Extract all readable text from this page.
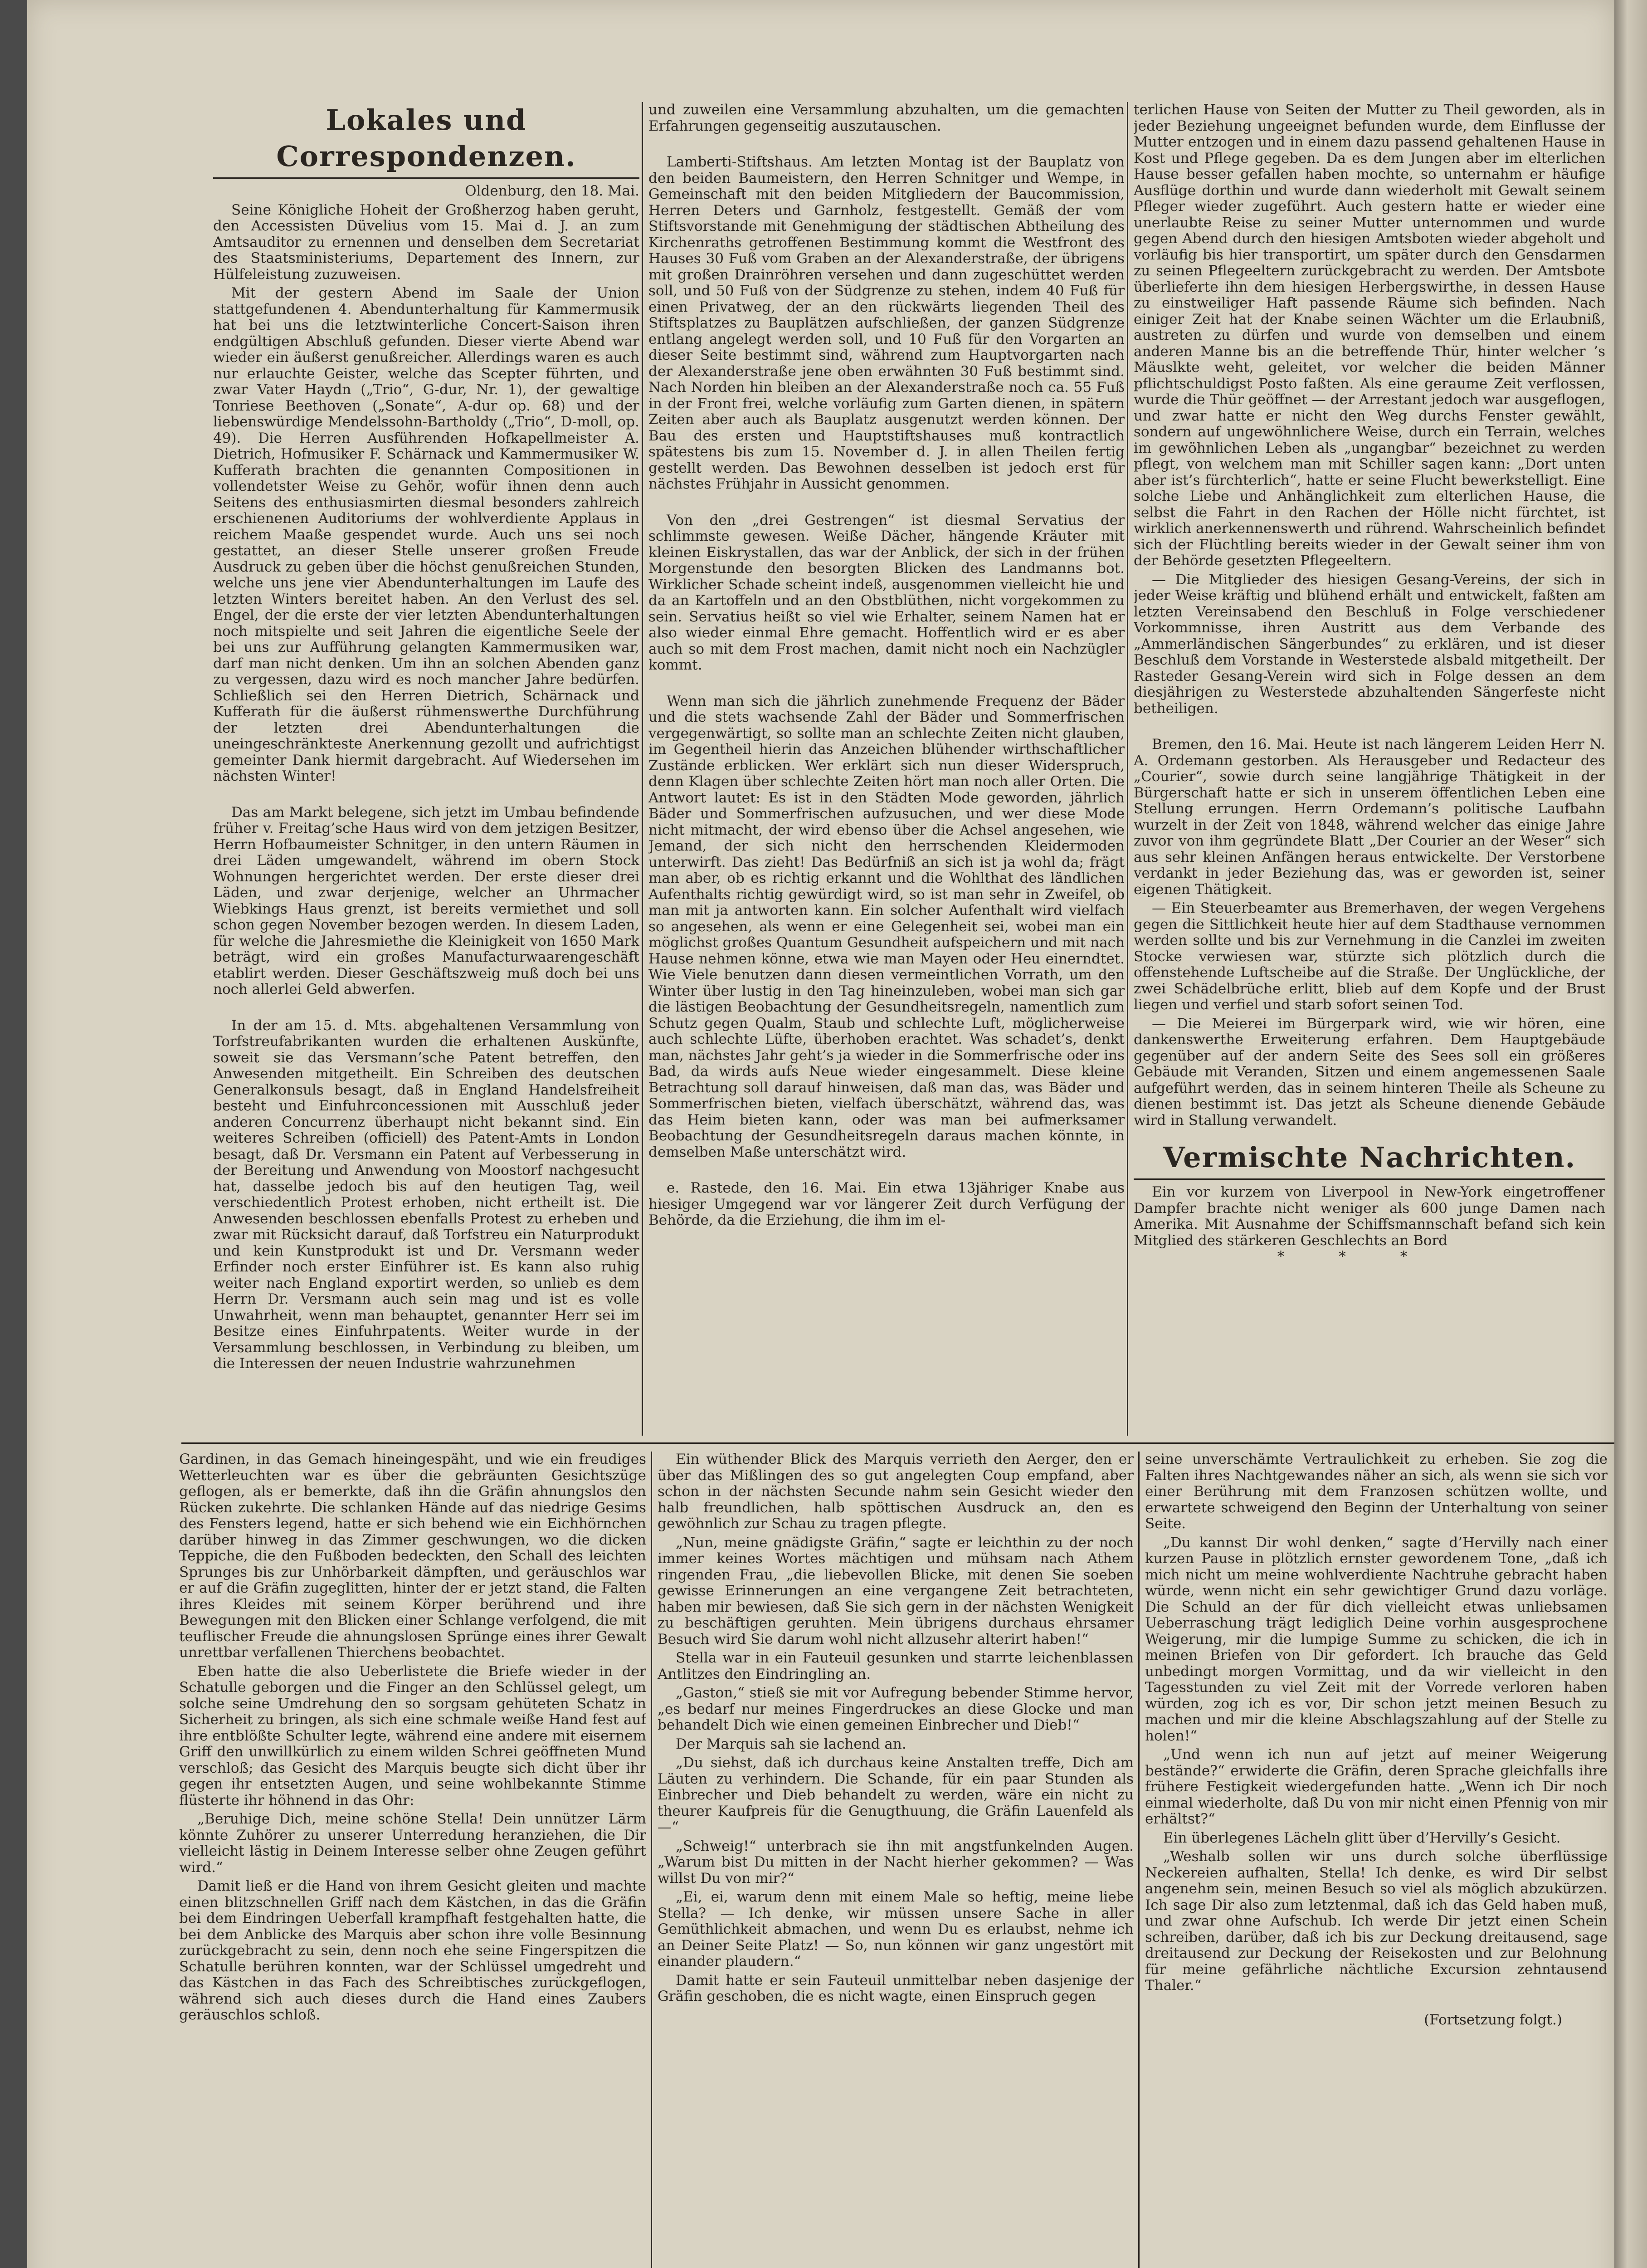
Lokales und Correspondenzen.
Oldenburg, den 18. Mai.

Seine Königliche Hoheit der Großherzog haben geruht, den Accessisten Düvelius vom 15. Mai d. J. an zum Amtsauditor zu ernennen und denselben dem Secretariat des Staatsministeriums, Departement des Innern, zur Hülfeleistung zuzuweisen.

Mit der gestern Abend im Saale der Union stattgefundenen 4. Abendunterhaltung für Kammermusik hat bei uns die letztwinterliche Concert-Saison ihren endgültigen Abschluß gefunden. Dieser vierte Abend war wieder ein äußerst genußreicher. Allerdings waren es auch nur erlauchte Geister, welche das Scepter führten, und zwar Vater Haydn („Trio“, G-dur, Nr. 1), der gewaltige Tonriese Beethoven („Sonate“, A-dur op. 68) und der liebenswürdige Mendelssohn-Bartholdy („Trio“, D-moll, op. 49). Die Herren Ausführenden Hofkapellmeister A. Dietrich, Hofmusiker F. Schärnack und Kammermusiker W. Kufferath brachten die genannten Compositionen in vollendetster Weise zu Gehör, wofür ihnen denn auch Seitens des enthusiasmirten diesmal besonders zahlreich erschienenen Auditoriums der wohlverdiente Applaus in reichem Maaße gespendet wurde. Auch uns sei noch gestattet, an dieser Stelle unserer großen Freude Ausdruck zu geben über die höchst genußreichen Stunden, welche uns jene vier Abendunterhaltungen im Laufe des letzten Winters bereitet haben. An den Verlust des sel. Engel, der die erste der vier letzten Abendunterhaltungen noch mitspielte und seit Jahren die eigentliche Seele der bei uns zur Aufführung gelangten Kammermusiken war, darf man nicht denken. Um ihn an solchen Abenden ganz zu vergessen, dazu wird es noch mancher Jahre bedürfen. Schließlich sei den Herren Dietrich, Schärnack und Kufferath für die äußerst rühmenswerthe Durchführung der letzten drei Abendunterhaltungen die uneingeschränkteste Anerkennung gezollt und aufrichtigst gemeinter Dank hiermit dargebracht. Auf Wiedersehen im nächsten Winter!

Das am Markt belegene, sich jetzt im Umbau befindende früher v. Freitag’sche Haus wird von dem jetzigen Besitzer, Herrn Hofbaumeister Schnitger, in den untern Räumen in drei Läden umgewandelt, während im obern Stock Wohnungen hergerichtet werden. Der erste dieser drei Läden, und zwar derjenige, welcher an Uhrmacher Wiebkings Haus grenzt, ist bereits vermiethet und soll schon gegen November bezogen werden. In diesem Laden, für welche die Jahresmiethe die Kleinigkeit von 1650 Mark beträgt, wird ein großes Manufacturwaarengeschäft etablirt werden. Dieser Geschäftszweig muß doch bei uns noch allerlei Geld abwerfen.

In der am 15. d. Mts. abgehaltenen Versammlung von Torfstreufabrikanten wurden die erhaltenen Auskünfte, soweit sie das Versmann’sche Patent betreffen, den Anwesenden mitgetheilt. Ein Schreiben des deutschen Generalkonsuls besagt, daß in England Handelsfreiheit besteht und Einfuhrconcessionen mit Ausschluß jeder anderen Concurrenz überhaupt nicht bekannt sind. Ein weiteres Schreiben (officiell) des Patent-Amts in London besagt, daß Dr. Versmann ein Patent auf Verbesserung in der Bereitung und Anwendung von Moostorf nachgesucht hat, dasselbe jedoch bis auf den heutigen Tag, weil verschiedentlich Protest erhoben, nicht ertheilt ist. Die Anwesenden beschlossen ebenfalls Protest zu erheben und zwar mit Rücksicht darauf, daß Torfstreu ein Naturprodukt und kein Kunstprodukt ist und Dr. Versmann weder Erfinder noch erster Einführer ist. Es kann also ruhig weiter nach England exportirt werden, so unlieb es dem Herrn Dr. Versmann auch sein mag und ist es volle Unwahrheit, wenn man behauptet, genannter Herr sei im Besitze eines Einfuhrpatents. Weiter wurde in der Versammlung beschlossen, in Verbindung zu bleiben, um die Interessen der neuen Industrie wahrzunehmen

und zuweilen eine Versammlung abzuhalten, um die gemachten Erfahrungen gegenseitig auszutauschen.

Lamberti-Stiftshaus. Am letzten Montag ist der Bauplatz von den beiden Baumeistern, den Herren Schnitger und Wempe, in Gemeinschaft mit den beiden Mitgliedern der Baucommission, Herren Deters und Garnholz, festgestellt. Gemäß der vom Stiftsvorstande mit Genehmigung der städtischen Abtheilung des Kirchenraths getroffenen Bestimmung kommt die Westfront des Hauses 30 Fuß vom Graben an der Alexanderstraße, der übrigens mit großen Drainröhren versehen und dann zugeschüttet werden soll, und 50 Fuß von der Südgrenze zu stehen, indem 40 Fuß für einen Privatweg, der an den rückwärts liegenden Theil des Stiftsplatzes zu Bauplätzen aufschließen, der ganzen Südgrenze entlang angelegt werden soll, und 10 Fuß für den Vorgarten an dieser Seite bestimmt sind, während zum Hauptvorgarten nach der Alexanderstraße jene oben erwähnten 30 Fuß bestimmt sind. Nach Norden hin bleiben an der Alexanderstraße noch ca. 55 Fuß in der Front frei, welche vorläufig zum Garten dienen, in spätern Zeiten aber auch als Bauplatz ausgenutzt werden können. Der Bau des ersten und Hauptstiftshauses muß kontractlich spätestens bis zum 15. November d. J. in allen Theilen fertig gestellt werden. Das Bewohnen desselben ist jedoch erst für nächstes Frühjahr in Aussicht genommen.

Von den „drei Gestrengen“ ist diesmal Servatius der schlimmste gewesen. Weiße Dächer, hängende Kräuter mit kleinen Eiskrystallen, das war der Anblick, der sich in der frühen Morgenstunde den besorgten Blicken des Landmanns bot. Wirklicher Schade scheint indeß, ausgenommen vielleicht hie und da an Kartoffeln und an den Obstblüthen, nicht vorgekommen zu sein. Servatius heißt so viel wie Erhalter, seinem Namen hat er also wieder einmal Ehre gemacht. Hoffentlich wird er es aber auch so mit dem Frost machen, damit nicht noch ein Nachzügler kommt.

Wenn man sich die jährlich zunehmende Frequenz der Bäder und die stets wachsende Zahl der Bäder und Sommerfrischen vergegenwärtigt, so sollte man an schlechte Zeiten nicht glauben, im Gegentheil hierin das Anzeichen blühender wirthschaftlicher Zustände erblicken. Wer erklärt sich nun dieser Widerspruch, denn Klagen über schlechte Zeiten hört man noch aller Orten. Die Antwort lautet: Es ist in den Städten Mode geworden, jährlich Bäder und Sommerfrischen aufzusuchen, und wer diese Mode nicht mitmacht, der wird ebenso über die Achsel angesehen, wie Jemand, der sich nicht den herrschenden Kleidermoden unterwirft. Das zieht! Das Bedürfniß an sich ist ja wohl da; frägt man aber, ob es richtig erkannt und die Wohlthat des ländlichen Aufenthalts richtig gewürdigt wird, so ist man sehr in Zweifel, ob man mit ja antworten kann. Ein solcher Aufenthalt wird vielfach so angesehen, als wenn er eine Gelegenheit sei, wobei man ein möglichst großes Quantum Gesundheit aufspeichern und mit nach Hause nehmen könne, etwa wie man Mayen oder Heu einerndtet. Wie Viele benutzen dann diesen vermeintlichen Vorrath, um den Winter über lustig in den Tag hineinzuleben, wobei man sich gar die lästigen Beobachtung der Gesundheitsregeln, namentlich zum Schutz gegen Qualm, Staub und schlechte Luft, möglicherweise auch schlechte Lüfte, überhoben erachtet. Was schadet’s, denkt man, nächstes Jahr geht’s ja wieder in die Sommerfrische oder ins Bad, da wirds aufs Neue wieder eingesammelt. Diese kleine Betrachtung soll darauf hinweisen, daß man das, was Bäder und Sommerfrischen bieten, vielfach überschätzt, während das, was das Heim bieten kann, oder was man bei aufmerksamer Beobachtung der Gesundheitsregeln daraus machen könnte, in demselben Maße unterschätzt wird.

e. Rastede, den 16. Mai. Ein etwa 13jähriger Knabe aus hiesiger Umgegend war vor längerer Zeit durch Verfügung der Behörde, da die Erziehung, die ihm im el-

terlichen Hause von Seiten der Mutter zu Theil geworden, als in jeder Beziehung ungeeignet befunden wurde, dem Einflusse der Mutter entzogen und in einem dazu passend gehaltenen Hause in Kost und Pflege gegeben. Da es dem Jungen aber im elterlichen Hause besser gefallen haben mochte, so unternahm er häufige Ausflüge dorthin und wurde dann wiederholt mit Gewalt seinem Pfleger wieder zugeführt. Auch gestern hatte er wieder eine unerlaubte Reise zu seiner Mutter unternommen und wurde gegen Abend durch den hiesigen Amtsboten wieder abgeholt und vorläufig bis hier transportirt, um später durch den Gensdarmen zu seinen Pflegeeltern zurückgebracht zu werden. Der Amtsbote überlieferte ihn dem hiesigen Herbergswirthe, in dessen Hause zu einstweiliger Haft passende Räume sich befinden. Nach einiger Zeit hat der Knabe seinen Wächter um die Erlaubniß, austreten zu dürfen und wurde von demselben und einem anderen Manne bis an die betreffende Thür, hinter welcher ’s Mäuslkte weht, geleitet, vor welcher die beiden Männer pflichtschuldigst Posto faßten. Als eine geraume Zeit verflossen, wurde die Thür geöffnet — der Arrestant jedoch war ausgeflogen, und zwar hatte er nicht den Weg durchs Fenster gewählt, sondern auf ungewöhnlichere Weise, durch ein Terrain, welches im gewöhnlichen Leben als „ungangbar“ bezeichnet zu werden pflegt, von welchem man mit Schiller sagen kann: „Dort unten aber ist’s fürchterlich“, hatte er seine Flucht bewerkstelligt. Eine solche Liebe und Anhänglichkeit zum elterlichen Hause, die selbst die Fahrt in den Rachen der Hölle nicht fürchtet, ist wirklich anerkennenswerth und rührend. Wahrscheinlich befindet sich der Flüchtling bereits wieder in der Gewalt seiner ihm von der Behörde gesetzten Pflegeeltern.

— Die Mitglieder des hiesigen Gesang-Vereins, der sich in jeder Weise kräftig und blühend erhält und entwickelt, faßten am letzten Vereinsabend den Beschluß in Folge verschiedener Vorkommnisse, ihren Austritt aus dem Verbande des „Ammerländischen Sängerbundes“ zu erklären, und ist dieser Beschluß dem Vorstande in Westerstede alsbald mitgetheilt. Der Rasteder Gesang-Verein wird sich in Folge dessen an dem diesjährigen zu Westerstede abzuhaltenden Sängerfeste nicht betheiligen.

Bremen, den 16. Mai. Heute ist nach längerem Leiden Herr N. A. Ordemann gestorben. Als Herausgeber und Redacteur des „Courier“, sowie durch seine langjährige Thätigkeit in der Bürgerschaft hatte er sich in unserem öffentlichen Leben eine Stellung errungen. Herrn Ordemann’s politische Laufbahn wurzelt in der Zeit von 1848, während welcher das einige Jahre zuvor von ihm gegründete Blatt „Der Courier an der Weser“ sich aus sehr kleinen Anfängen heraus entwickelte. Der Verstorbene verdankt in jeder Beziehung das, was er geworden ist, seiner eigenen Thätigkeit.

— Ein Steuerbeamter aus Bremerhaven, der wegen Vergehens gegen die Sittlichkeit heute hier auf dem Stadthause vernommen werden sollte und bis zur Vernehmung in die Canzlei im zweiten Stocke verwiesen war, stürzte sich plötzlich durch die offenstehende Luftscheibe auf die Straße. Der Unglückliche, der zwei Schädelbrüche erlitt, blieb auf dem Kopfe und der Brust liegen und verfiel und starb sofort seinen Tod.

— Die Meierei im Bürgerpark wird, wie wir hören, eine dankenswerthe Erweiterung erfahren. Dem Hauptgebäude gegenüber auf der andern Seite des Sees soll ein größeres Gebäude mit Veranden, Sitzen und einem angemessenen Saale aufgeführt werden, das in seinem hinteren Theile als Scheune zu dienen bestimmt ist. Das jetzt als Scheune dienende Gebäude wird in Stallung verwandelt.

Vermischte Nachrichten.

Ein vor kurzem von Liverpool in New-York eingetroffener Dampfer brachte nicht weniger als 600 junge Damen nach Amerika. Mit Ausnahme der Schiffsmannschaft befand sich kein Mitglied des stärkeren Geschlechts an Bord

***

Gardinen, in das Gemach hineingespäht, und wie ein freudiges Wetterleuchten war es über die gebräunten Gesichtszüge geflogen, als er bemerkte, daß ihn die Gräfin ahnungslos den Rücken zukehrte. Die schlanken Hände auf das niedrige Gesims des Fensters legend, hatte er sich behend wie ein Eichhörnchen darüber hinweg in das Zimmer geschwungen, wo die dicken Teppiche, die den Fußboden bedeckten, den Schall des leichten Sprunges bis zur Unhörbarkeit dämpften, und geräuschlos war er auf die Gräfin zugeglitten, hinter der er jetzt stand, die Falten ihres Kleides mit seinem Körper berührend und ihre Bewegungen mit den Blicken einer Schlange verfolgend, die mit teuflischer Freude die ahnungslosen Sprünge eines ihrer Gewalt unrettbar verfallenen Thierchens beobachtet.

Eben hatte die also Ueberlistete die Briefe wieder in der Schatulle geborgen und die Finger an den Schlüssel gelegt, um solche seine Umdrehung den so sorgsam gehüteten Schatz in Sicherheit zu bringen, als sich eine schmale weiße Hand fest auf ihre entblößte Schulter legte, während eine andere mit eisernem Griff den unwillkürlich zu einem wilden Schrei geöffneten Mund verschloß; das Gesicht des Marquis beugte sich dicht über ihr gegen ihr entsetzten Augen, und seine wohlbekannte Stimme flüsterte ihr höhnend in das Ohr:

„Beruhige Dich, meine schöne Stella! Dein unnützer Lärm könnte Zuhörer zu unserer Unterredung heranziehen, die Dir vielleicht lästig in Deinem Interesse selber ohne Zeugen geführt wird.“

Damit ließ er die Hand von ihrem Gesicht gleiten und machte einen blitzschnellen Griff nach dem Kästchen, in das die Gräfin bei dem Eindringen Ueberfall krampfhaft festgehalten hatte, die bei dem Anblicke des Marquis aber schon ihre volle Besinnung zurückgebracht zu sein, denn noch ehe seine Fingerspitzen die Schatulle berühren konnten, war der Schlüssel umgedreht und das Kästchen in das Fach des Schreibtisches zurückgeflogen, während sich auch dieses durch die Hand eines Zaubers geräuschlos schloß.

Ein wüthender Blick des Marquis verrieth den Aerger, den er über das Mißlingen des so gut angelegten Coup empfand, aber schon in der nächsten Secunde nahm sein Gesicht wieder den halb freundlichen, halb spöttischen Ausdruck an, den es gewöhnlich zur Schau zu tragen pflegte.

„Nun, meine gnädigste Gräfin,“ sagte er leichthin zu der noch immer keines Wortes mächtigen und mühsam nach Athem ringenden Frau, „die liebevollen Blicke, mit denen Sie soeben gewisse Erinnerungen an eine vergangene Zeit betrachteten, haben mir bewiesen, daß Sie sich gern in der nächsten Wenigkeit zu beschäftigen geruhten. Mein übrigens durchaus ehrsamer Besuch wird Sie darum wohl nicht allzusehr alterirt haben!“

Stella war in ein Fauteuil gesunken und starrte leichenblassen Antlitzes den Eindringling an.

„Gaston,“ stieß sie mit vor Aufregung bebender Stimme hervor, „es bedarf nur meines Fingerdruckes an diese Glocke und man behandelt Dich wie einen gemeinen Einbrecher und Dieb!“

Der Marquis sah sie lachend an.

„Du siehst, daß ich durchaus keine Anstalten treffe, Dich am Läuten zu verhindern. Die Schande, für ein paar Stunden als Einbrecher und Dieb behandelt zu werden, wäre ein nicht zu theurer Kaufpreis für die Genugthuung, die Gräfin Lauenfeld als —“

„Schweig!“ unterbrach sie ihn mit angstfunkelnden Augen. „Warum bist Du mitten in der Nacht hierher gekommen? — Was willst Du von mir?“

„Ei, ei, warum denn mit einem Male so heftig, meine liebe Stella? — Ich denke, wir müssen unsere Sache in aller Gemüthlichkeit abmachen, und wenn Du es erlaubst, nehme ich an Deiner Seite Platz! — So, nun können wir ganz ungestört mit einander plaudern.“

Damit hatte er sein Fauteuil unmittelbar neben dasjenige der Gräfin geschoben, die es nicht wagte, einen Einspruch gegen

seine unverschämte Vertraulichkeit zu erheben. Sie zog die Falten ihres Nachtgewandes näher an sich, als wenn sie sich vor einer Berührung mit dem Franzosen schützen wollte, und erwartete schweigend den Beginn der Unterhaltung von seiner Seite.

„Du kannst Dir wohl denken,“ sagte d’Hervilly nach einer kurzen Pause in plötzlich ernster gewordenem Tone, „daß ich mich nicht um meine wohlverdiente Nachtruhe gebracht haben würde, wenn nicht ein sehr gewichtiger Grund dazu vorläge. Die Schuld an der für dich vielleicht etwas unliebsamen Ueberraschung trägt lediglich Deine vorhin ausgesprochene Weigerung, mir die lumpige Summe zu schicken, die ich in meinen Briefen von Dir gefordert. Ich brauche das Geld unbedingt morgen Vormittag, und da wir vielleicht in den Tagesstunden zu viel Zeit mit der Vorrede verloren haben würden, zog ich es vor, Dir schon jetzt meinen Besuch zu machen und mir die kleine Abschlagszahlung auf der Stelle zu holen!“

„Und wenn ich nun auf jetzt auf meiner Weigerung bestände?“ erwiderte die Gräfin, deren Sprache gleichfalls ihre frühere Festigkeit wiedergefunden hatte. „Wenn ich Dir noch einmal wiederholte, daß Du von mir nicht einen Pfennig von mir erhältst?“

Ein überlegenes Lächeln glitt über d’Hervilly’s Gesicht.

„Weshalb sollen wir uns durch solche überflüssige Neckereien aufhalten, Stella! Ich denke, es wird Dir selbst angenehm sein, meinen Besuch so viel als möglich abzukürzen. Ich sage Dir also zum letztenmal, daß ich das Geld haben muß, und zwar ohne Aufschub. Ich werde Dir jetzt einen Schein schreiben, darüber, daß ich bis zur Deckung dreitausend, sage dreitausend zur Deckung der Reisekosten und zur Belohnung für meine gefährliche nächtliche Excursion zehntausend Thaler.“

(Fortsetzung folgt.)
